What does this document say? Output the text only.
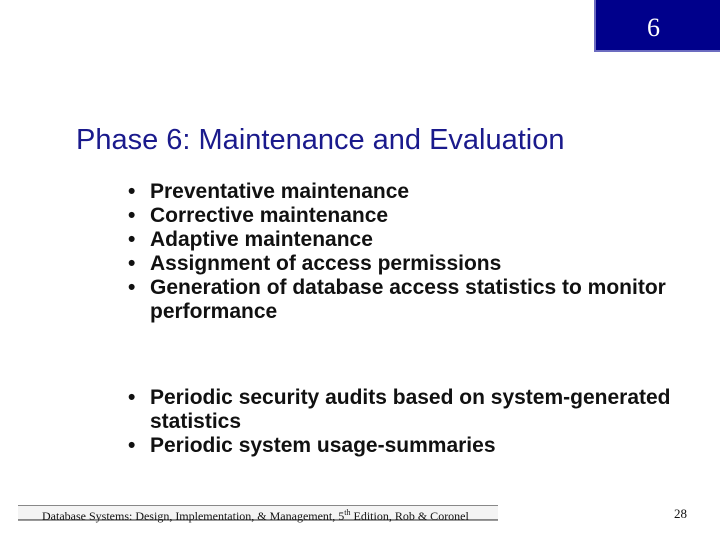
6
Phase 6: Maintenance and Evaluation
• Preventative maintenance
• Corrective maintenance
• Adaptive maintenance
• Assignment of access permissions
• Generation of database access statistics to monitor performance
• Periodic security audits based on system-generated statistics
• Periodic system usage-summaries
Database Systems: Design, Implementation, & Management, 5th Edition, Rob & Coronel	28
